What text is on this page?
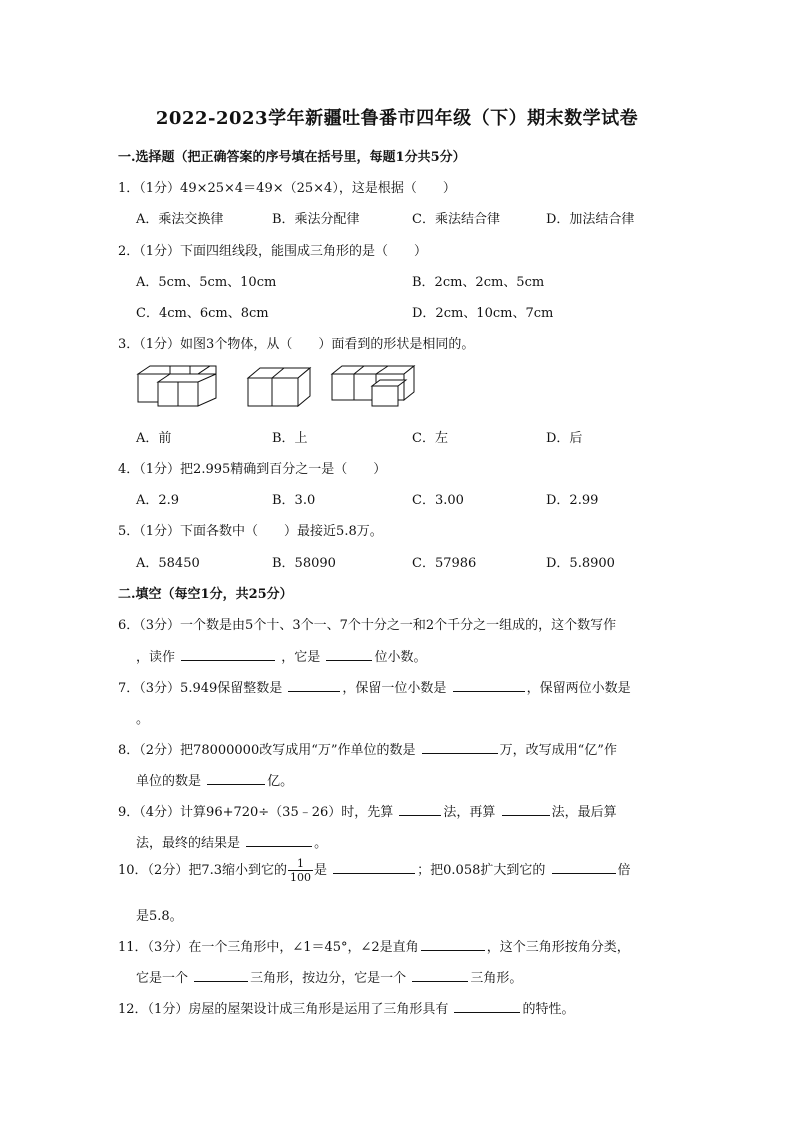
2022-2023学年新疆吐鲁番市四年级（下）期末数学试卷
一.选择题（把正确答案的序号填在括号里，每题1分共5分）
1．（1分）49×25×4＝49×（25×4），这是根据（　　）
A．乘法交换律	B．乘法分配律	C．乘法结合律	D．加法结合律
2．（1分）下面四组线段，能围成三角形的是（　　）
A．5cm、5cm、10cm	B．2cm、2cm、5cm
C．4cm、6cm、8cm	D．2cm、10cm、7cm
3．（1分）如图3个物体，从（　　）面看到的形状是相同的。
A．前	B．上	C．左	D．后
4．（1分）把2.995精确到百分之一是（　　）
A．2.9	B．3.0	C．3.00	D．2.99
5．（1分）下面各数中（　　）最接近5.8万。
A．58450	B．58090	C．57986	D．5.8900
二.填空（每空1分，共25分）
6．（3分）一个数是由5个十、3个一、7个十分之一和2个千分之一组成的，这个数写作
，读作	，它是	位小数。
7．（3分）5.949保留整数是	，保留一位小数是	，保留两位小数是
。
8．（2分）把78000000改写成用“万”作单位的数是	万，改写成用“亿”作
单位的数是	亿。
9．（4分）计算96+720÷（35﹣26）时，先算	法，再算	法，最后算
法，最终的结果是	。
10．（2分）把7.3缩小到它的 $\frac{1}{100}$ 是	；把0.058扩大到它的	倍
是5.8。
11．（3分）在一个三角形中，∠1＝45°，∠2是直角	，这个三角形按角分类，
它是一个	三角形，按边分，它是一个	三角形。
12．（1分）房屋的屋架设计成三角形是运用了三角形具有	的特性。
